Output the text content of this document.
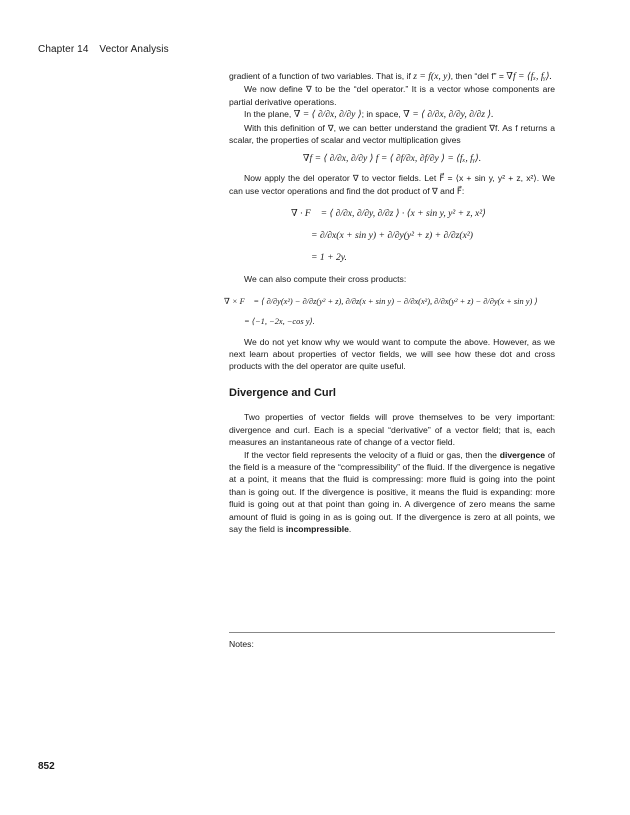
Chapter 14 Vector Analysis

gradient of a function of two variables. That is, if z = f(x, y), then “del f” = ∇f = ⟨fₓ, fᵧ⟩.

We now define ∇ to be the “del operator.” It is a vector whose components are partial derivative operations.

In the plane, ∇ = ⟨ ∂/∂x, ∂/∂y ⟩; in space, ∇ = ⟨ ∂/∂x, ∂/∂y, ∂/∂z ⟩.

With this definition of ∇, we can better understand the gradient ∇f. As f returns a scalar, the properties of scalar and vector multiplication gives

∇f = ⟨ ∂/∂x, ∂/∂y ⟩ f = ⟨ ∂f/∂x, ∂f/∂y ⟩ = ⟨fₓ, fᵧ⟩.

Now apply the del operator ∇ to vector fields. Let F⃗ = ⟨x + sin y, y² + z, x²⟩. We can use vector operations and find the dot product of ∇ and F⃗:

∇ · F⃗ = ⟨ ∂/∂x, ∂/∂y, ∂/∂z ⟩ · ⟨x + sin y, y² + z, x²⟩
= ∂/∂x(x + sin y) + ∂/∂y(y² + z) + ∂/∂z(x²)
= 1 + 2y.

We can also compute their cross products:

∇ × F⃗ = ⟨ ∂/∂y(x²) − ∂/∂z(y² + z), ∂/∂z(x + sin y) − ∂/∂x(x²), ∂/∂x(y² + z) − ∂/∂y(x + sin y) ⟩
= ⟨−1, −2x, −cos y⟩.

We do not yet know why we would want to compute the above. However, as we next learn about properties of vector fields, we will see how these dot and cross products with the del operator are quite useful.

Divergence and Curl

Two properties of vector fields will prove themselves to be very important: divergence and curl. Each is a special “derivative” of a vector field; that is, each measures an instantaneous rate of change of a vector field.

If the vector field represents the velocity of a fluid or gas, then the divergence of the field is a measure of the “compressibility” of the fluid. If the divergence is negative at a point, it means that the fluid is compressing: more fluid is going into the point than is going out. If the divergence is positive, it means the fluid is expanding: more fluid is going out at that point than going in. A divergence of zero means the same amount of fluid is going in as is going out. If the divergence is zero at all points, we say the field is incompressible.

Notes:
852
